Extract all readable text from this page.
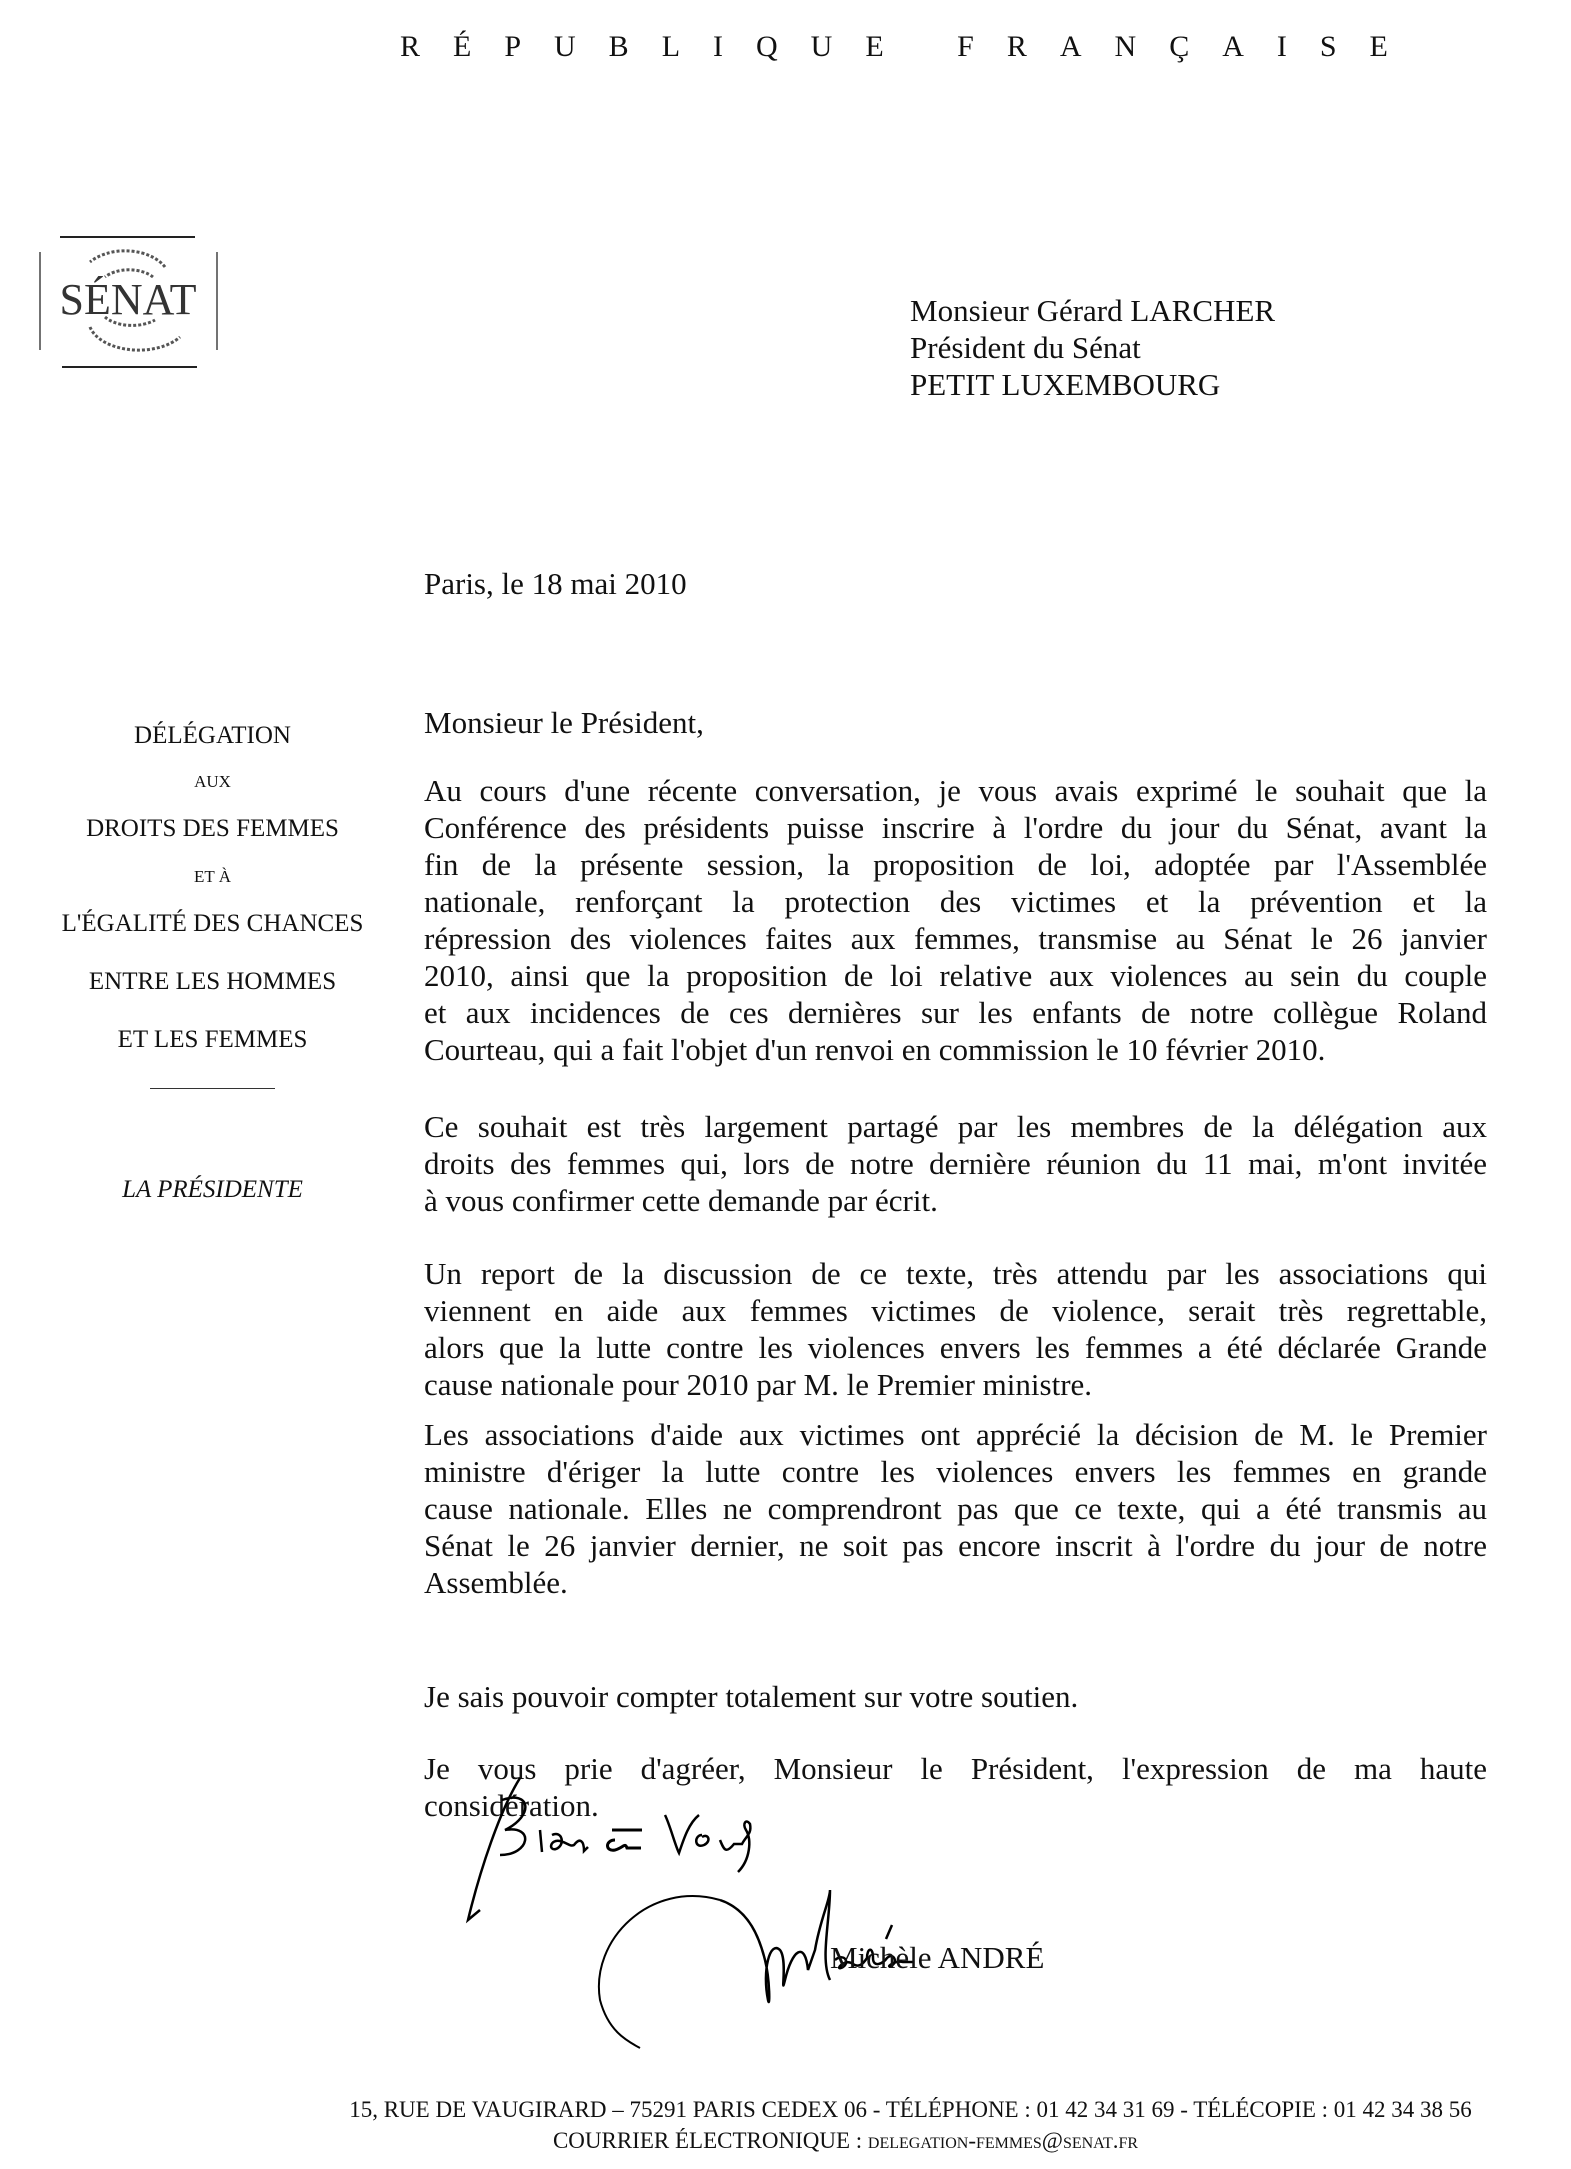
RÉPUBLIQUE FRANÇAISE
SÉNAT	Monsieur Gérard LARCHER
Président du Sénat
PETIT LUXEMBOURG
Paris, le 18 mai 2010
DÉLÉGATION
AUX
DROITS DES FEMMES
ET À
L'ÉGALITÉ DES CHANCES
ENTRE LES HOMMES
ET LES FEMMES
LA PRÉSIDENTE
Monsieur le Président,
Au cours d'une récente conversation, je vous avais exprimé le souhait que la
Conférence des présidents puisse inscrire à l'ordre du jour du Sénat, avant la
fin de la présente session, la proposition de loi, adoptée par l'Assemblée
nationale, renforçant la protection des victimes et la prévention et la
répression des violences faites aux femmes, transmise au Sénat le 26 janvier
2010, ainsi que la proposition de loi relative aux violences au sein du couple
et aux incidences de ces dernières sur les enfants de notre collègue Roland
Courteau, qui a fait l'objet d'un renvoi en commission le 10 février 2010.
Ce souhait est très largement partagé par les membres de la délégation aux
droits des femmes qui, lors de notre dernière réunion du 11 mai, m'ont invitée
à vous confirmer cette demande par écrit.
Un report de la discussion de ce texte, très attendu par les associations qui
viennent en aide aux femmes victimes de violence, serait très regrettable,
alors que la lutte contre les violences envers les femmes a été déclarée Grande
cause nationale pour 2010 par M. le Premier ministre.
Les associations d'aide aux victimes ont apprécié la décision de M. le Premier
ministre d'ériger la lutte contre les violences envers les femmes en grande
cause nationale. Elles ne comprendront pas que ce texte, qui a été transmis au
Sénat le 26 janvier dernier, ne soit pas encore inscrit à l'ordre du jour de notre
Assemblée.
Je sais pouvoir compter totalement sur votre soutien.
Je vous prie d'agréer, Monsieur le Président, l'expression de ma haute
considération.
Michèle ANDRÉ
15, RUE DE VAUGIRARD – 75291 PARIS CEDEX 06 - TÉLÉPHONE : 01 42 34 31 69 - TÉLÉCOPIE : 01 42 34 38 56
COURRIER ÉLECTRONIQUE : delegation-femmes@senat.fr
